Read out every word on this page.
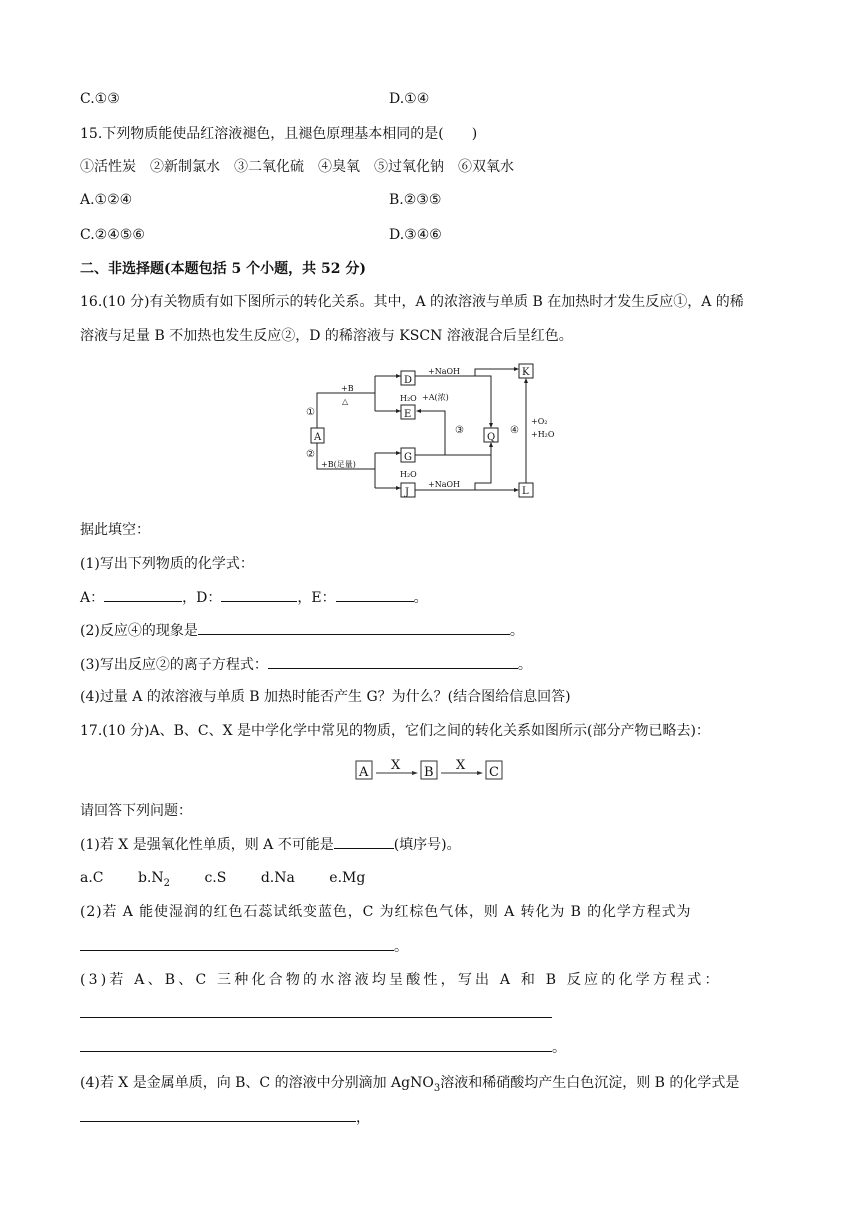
C.①③	D.①④
15.下列物质能使品红溶液褪色，且褪色原理基本相同的是(　　)
①活性炭　②新制氯水　③二氧化硫　④臭氧　⑤过氧化钠　⑥双氧水
A.①②④	B.②③⑤
C.②④⑤⑥	D.③④⑥
二、非选择题(本题包括 5 个小题，共 52 分)
16.(10 分)有关物质有如下图所示的转化关系。其中，A 的浓溶液与单质 B 在加热时才发生反应①，A 的稀
溶液与足量 B 不加热也发生反应②，D 的稀溶液与 KSCN 溶液混合后呈红色。
A
D
E
G
J
Q
K
L
+B
△	H₂O +A(浓)
+NaOH
+B(足量)
H₂O
+NaOH
+O₂
+H₂O
①
②
③	④
据此填空：
(1)写出下列物质的化学式：
A：	，D：	，E：	。
(2)反应④的现象是	。
(3)写出反应②的离子方程式：	。
(4)过量 A 的浓溶液与单质 B 加热时能否产生 G？为什么？(结合图给信息回答)
17.(10 分)A、B、C、X 是中学化学中常见的物质，它们之间的转化关系如图所示(部分产物已略去)：
A	B	C
X	X
请回答下列问题：
(1)若 X 是强氧化性单质，则 A 不可能是	(填序号)。
a.C $b.N_2$ c.S d.Na e.Mg
(2)若 A 能使湿润的红色石蕊试纸变蓝色，C 为红棕色气体，则 A 转化为 B 的化学方程式为
。
(3)若 A、B、C 三种化合物的水溶液均呈酸性，写出 A 和 B 反应的化学方程式：
。
(4)若 X 是金属单质，向 B、C 的溶液中分别滴加 AgNO$_3$溶液和稀硝酸均产生白色沉淀，则 B 的化学式是
，
